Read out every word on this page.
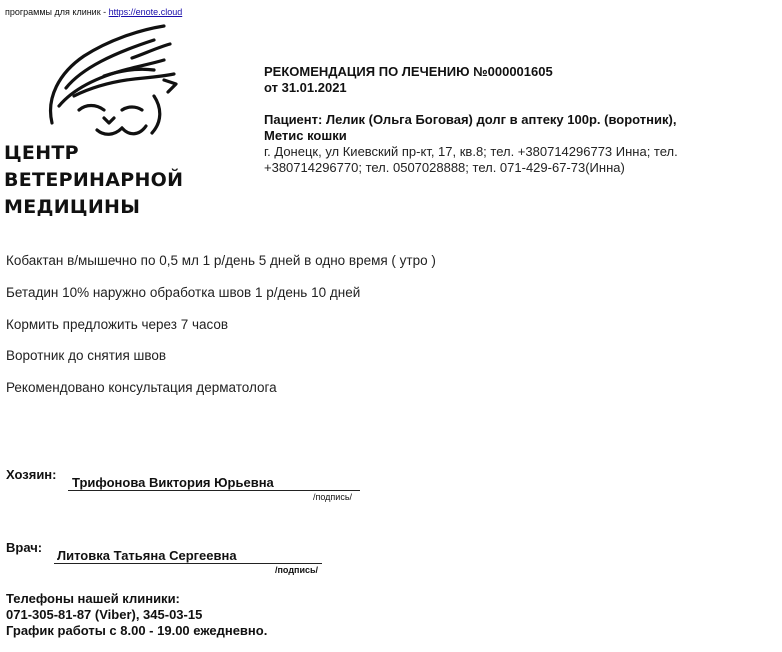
программы для клиник - https://enote.cloud
ЦЕНТР
ВЕТЕРИНАРНОЙ
МЕДИЦИНЫ
РЕКОМЕНДАЦИЯ ПО ЛЕЧЕНИЮ №000001605
от 31.01.2021
Пациент: Лелик (Ольга Боговая) долг в аптеку 100р. (воротник),
Метис кошки
г. Донецк, ул Киевский пр-кт, 17, кв.8; тел. +380714296773 Инна; тел.
+380714296770; тел. 0507028888; тел. 071-429-67-73(Инна)
Кобактан в/мышечно по 0,5 мл 1 р/день 5 дней в одно время ( утро )
Бетадин 10% наружно обработка швов 1 р/день 10 дней
Кормить предложить через 7 часов
Воротник до снятия швов
Рекомендовано консультация дерматолога
Хозяин:
Трифонова Виктория Юрьевна
/подпись/
Врач:
Литовка Татьяна Сергеевна
/подпись/
Телефоны нашей клиники:
071-305-81-87 (Viber), 345-03-15
График работы с 8.00 - 19.00 ежедневно.
